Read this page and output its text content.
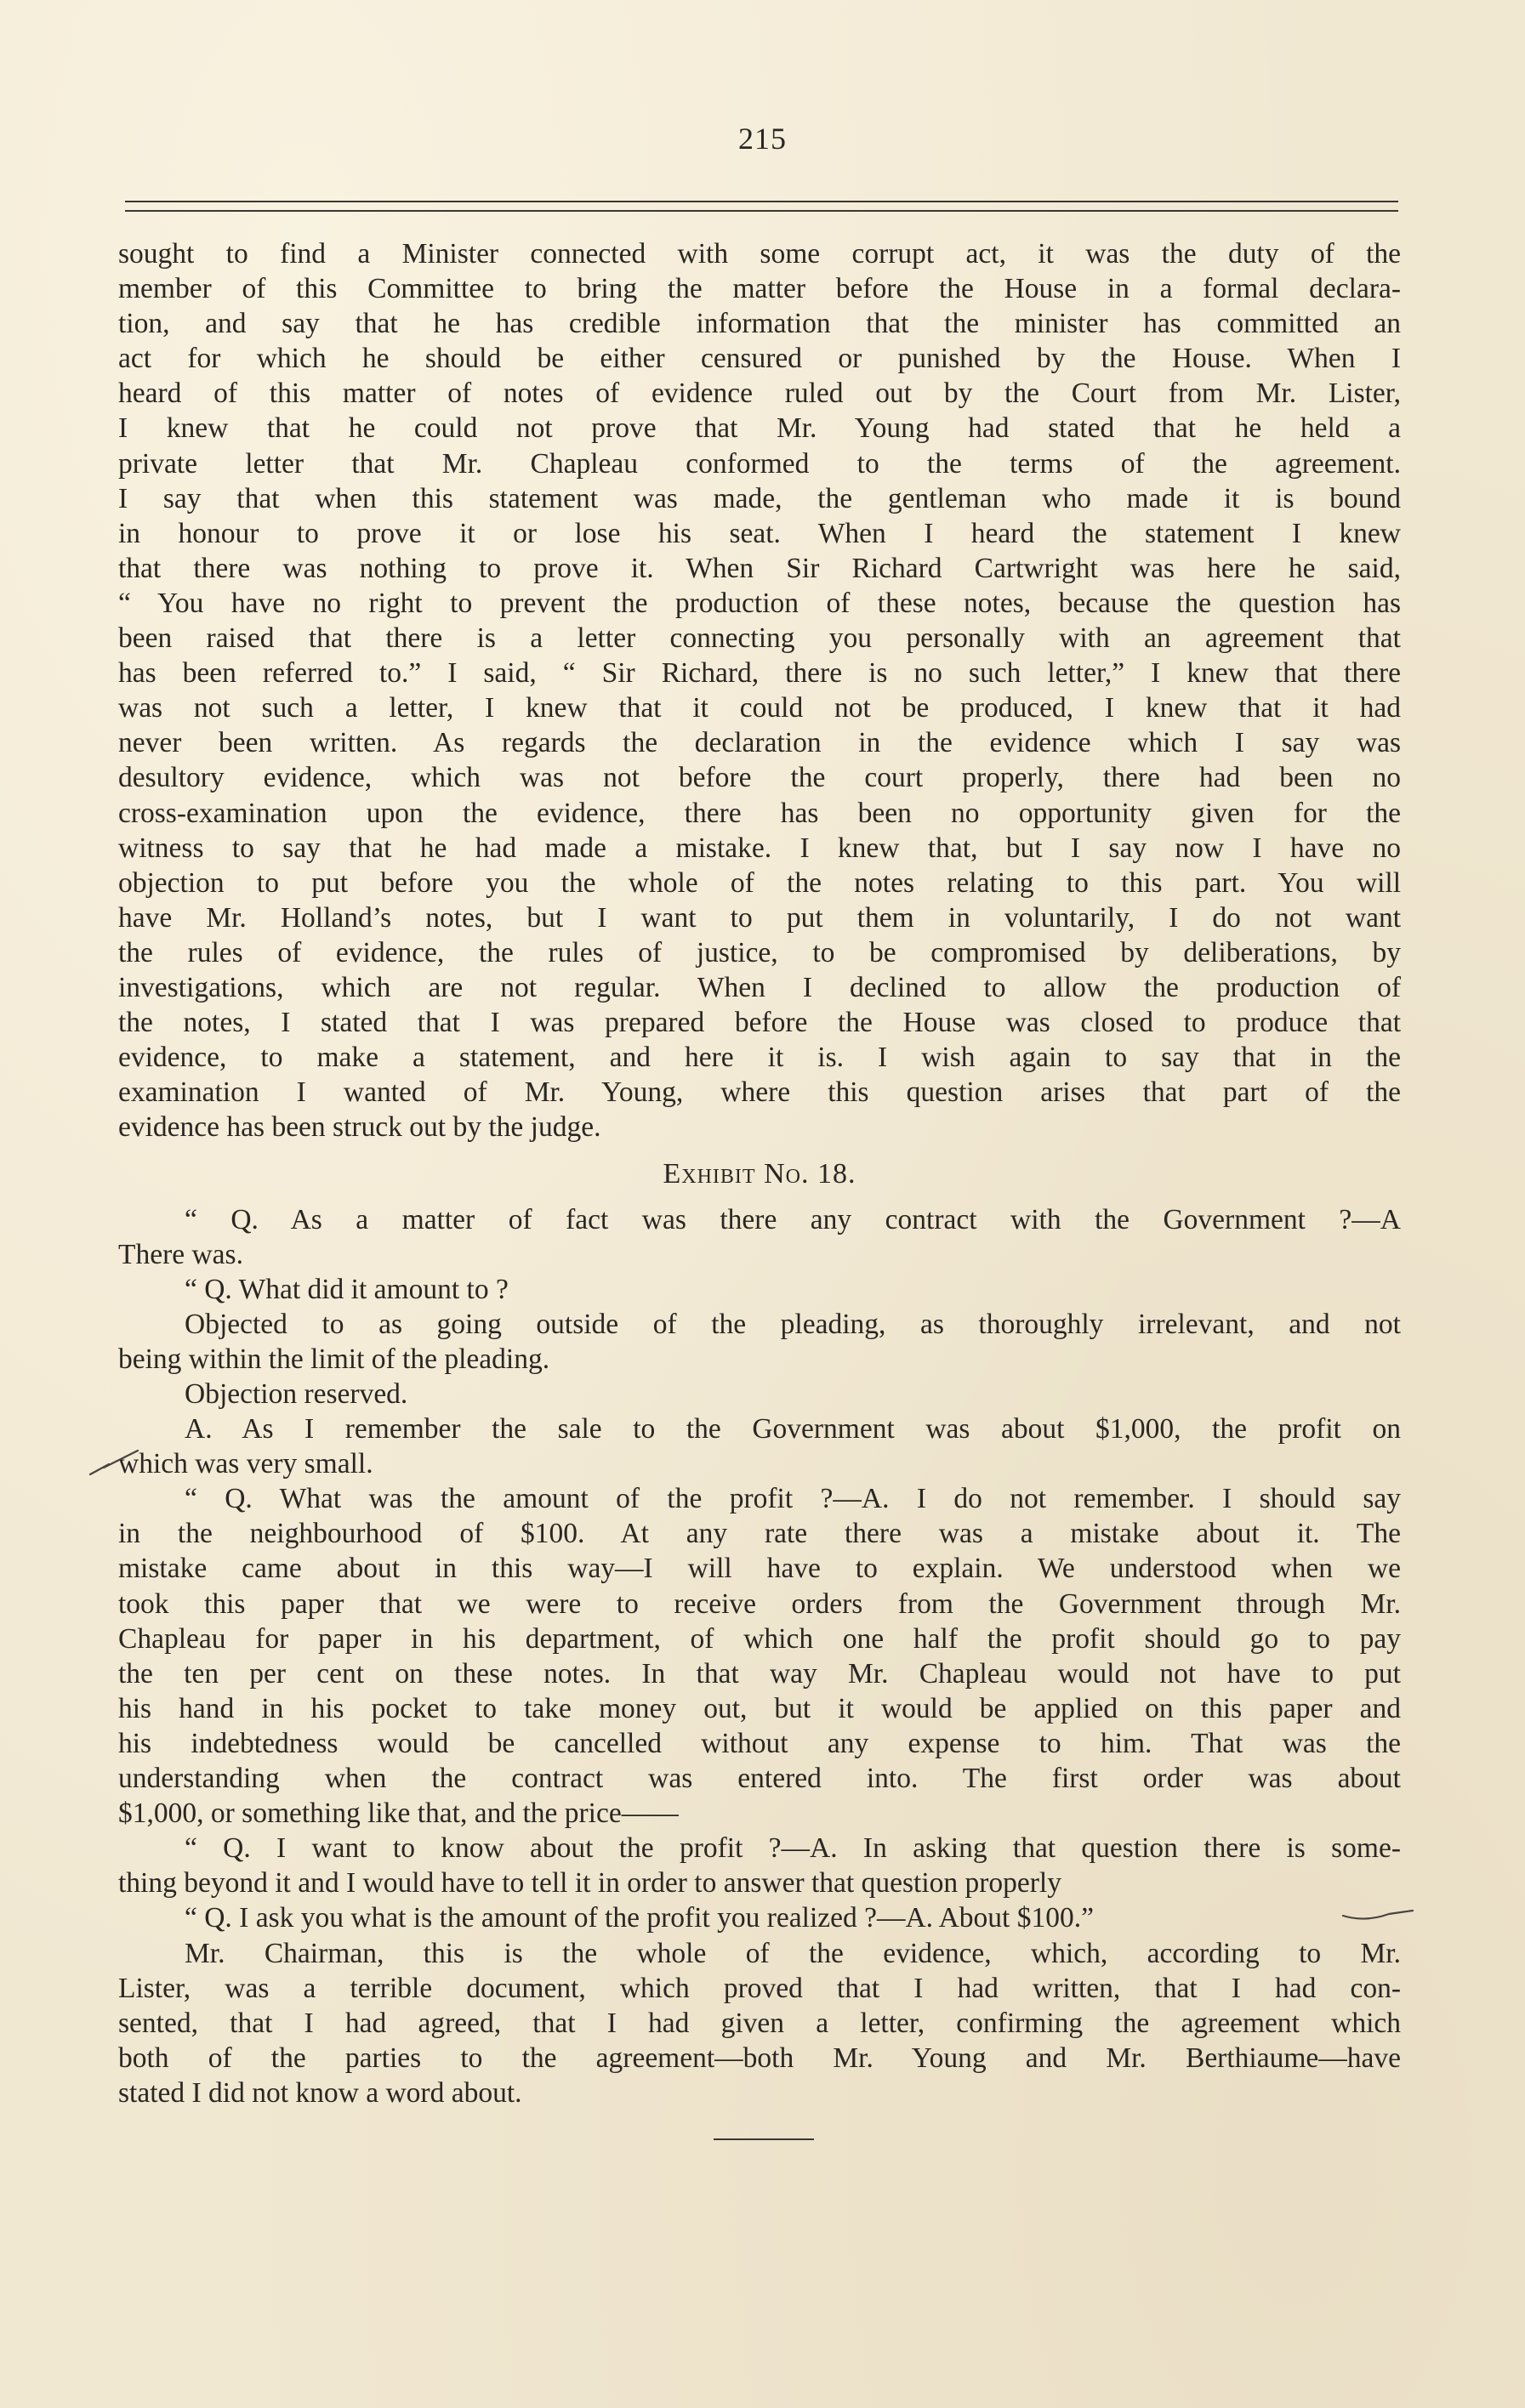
215
sought to find a Minister connected with some corrupt act, it was the duty of the
member of this Committee to bring the matter before the House in a formal declara-
tion, and say that he has credible information that the minister has committed an
act for which he should be either censured or punished by the House. When I
heard of this matter of notes of evidence ruled out by the Court from Mr. Lister,
I knew that he could not prove that Mr. Young had stated that he held a
private letter that Mr. Chapleau conformed to the terms of the agreement.
I say that when this statement was made, the gentleman who made it is bound
in honour to prove it or lose his seat. When I heard the statement I knew
that there was nothing to prove it. When Sir Richard Cartwright was here he said,
“ You have no right to prevent the production of these notes, because the question has
been raised that there is a letter connecting you personally with an agreement that
has been referred to.” I said, “ Sir Richard, there is no such letter,” I knew that there
was not such a letter, I knew that it could not be produced, I knew that it had
never been written. As regards the declaration in the evidence which I say was
desultory evidence, which was not before the court properly, there had been no
cross-examination upon the evidence, there has been no opportunity given for the
witness to say that he had made a mistake. I knew that, but I say now I have no
objection to put before you the whole of the notes relating to this part. You will
have Mr. Holland’s notes, but I want to put them in voluntarily, I do not want
the rules of evidence, the rules of justice, to be compromised by deliberations, by
investigations, which are not regular. When I declined to allow the production of
the notes, I stated that I was prepared before the House was closed to produce that
evidence, to make a statement, and here it is. I wish again to say that in the
examination I wanted of Mr. Young, where this question arises that part of the
evidence has been struck out by the judge.
Exhibit No. 18.
“ Q. As a matter of fact was there any contract with the Government ?—A
There was.
“ Q. What did it amount to ?
Objected to as going outside of the pleading, as thoroughly irrelevant, and not
being within the limit of the pleading.
Objection reserved.
A. As I remember the sale to the Government was about $1,000, the profit on
which was very small.
“ Q. What was the amount of the profit ?—A. I do not remember. I should say
in the neighbourhood of $100. At any rate there was a mistake about it. The
mistake came about in this way—I will have to explain. We understood when we
took this paper that we were to receive orders from the Government through Mr.
Chapleau for paper in his department, of which one half the profit should go to pay
the ten per cent on these notes. In that way Mr. Chapleau would not have to put
his hand in his pocket to take money out, but it would be applied on this paper and
his indebtedness would be cancelled without any expense to him. That was the
understanding when the contract was entered into. The first order was about
$1,000, or something like that, and the price——
“ Q. I want to know about the profit ?—A. In asking that question there is some-
thing beyond it and I would have to tell it in order to answer that question properly
“ Q. I ask you what is the amount of the profit you realized ?—A. About $100.”
Mr. Chairman, this is the whole of the evidence, which, according to Mr.
Lister, was a terrible document, which proved that I had written, that I had con-
sented, that I had agreed, that I had given a letter, confirming the agreement which
both of the parties to the agreement—both Mr. Young and Mr. Berthiaume—have
stated I did not know a word about.
